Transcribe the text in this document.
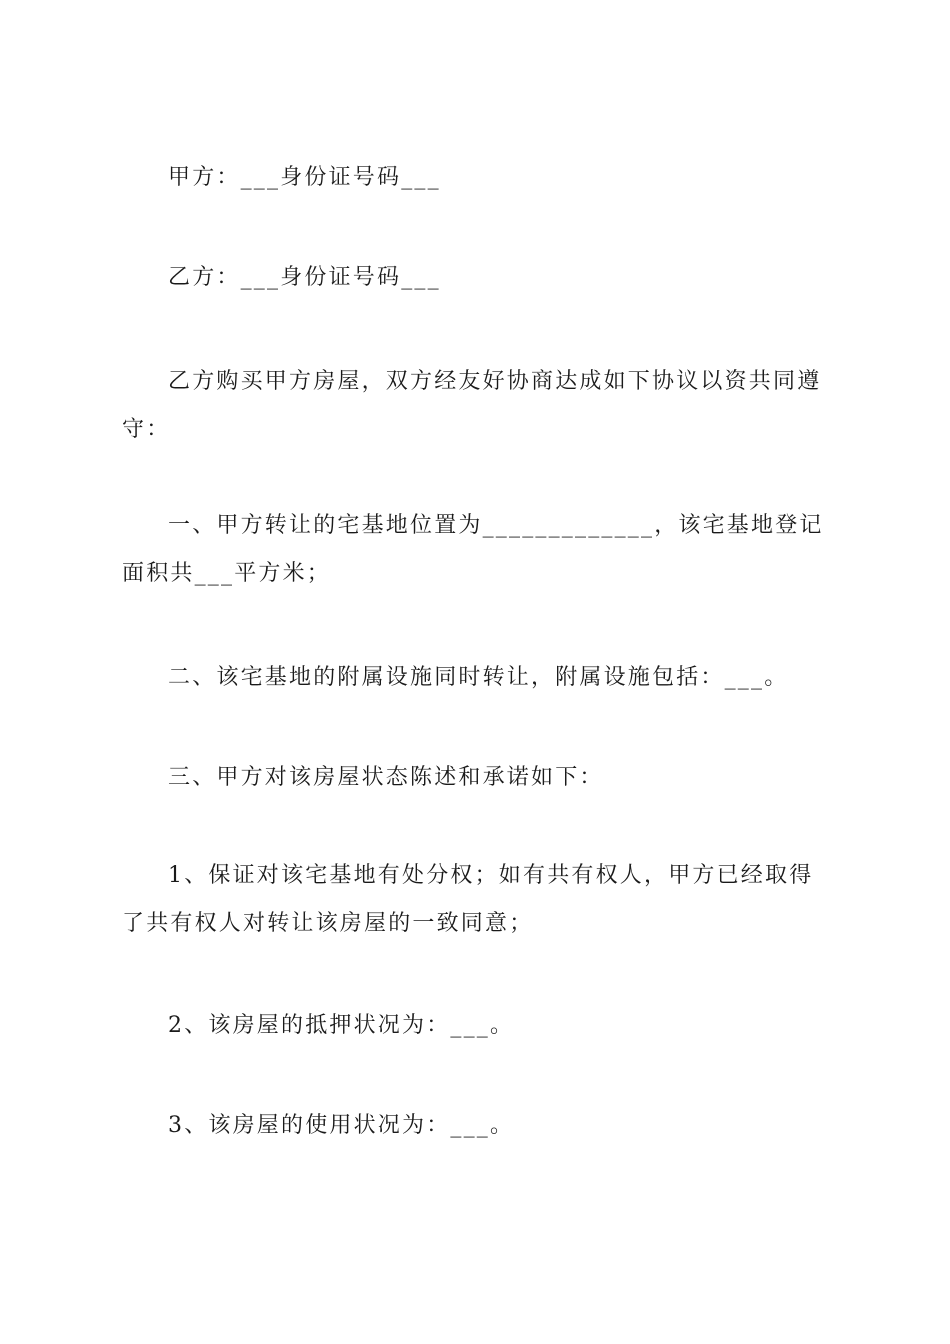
甲方：___身份证号码___

乙方：___身份证号码___

乙方购买甲方房屋，双方经友好协商达成如下协议以资共同遵守：

一、甲方转让的宅基地位置为_____________，该宅基地登记面积共___平方米；

二、该宅基地的附属设施同时转让，附属设施包括：___。

三、甲方对该房屋状态陈述和承诺如下：

1、保证对该宅基地有处分权；如有共有权人，甲方已经取得了共有权人对转让该房屋的一致同意；

2、该房屋的抵押状况为：___。

3、该房屋的使用状况为：___。
